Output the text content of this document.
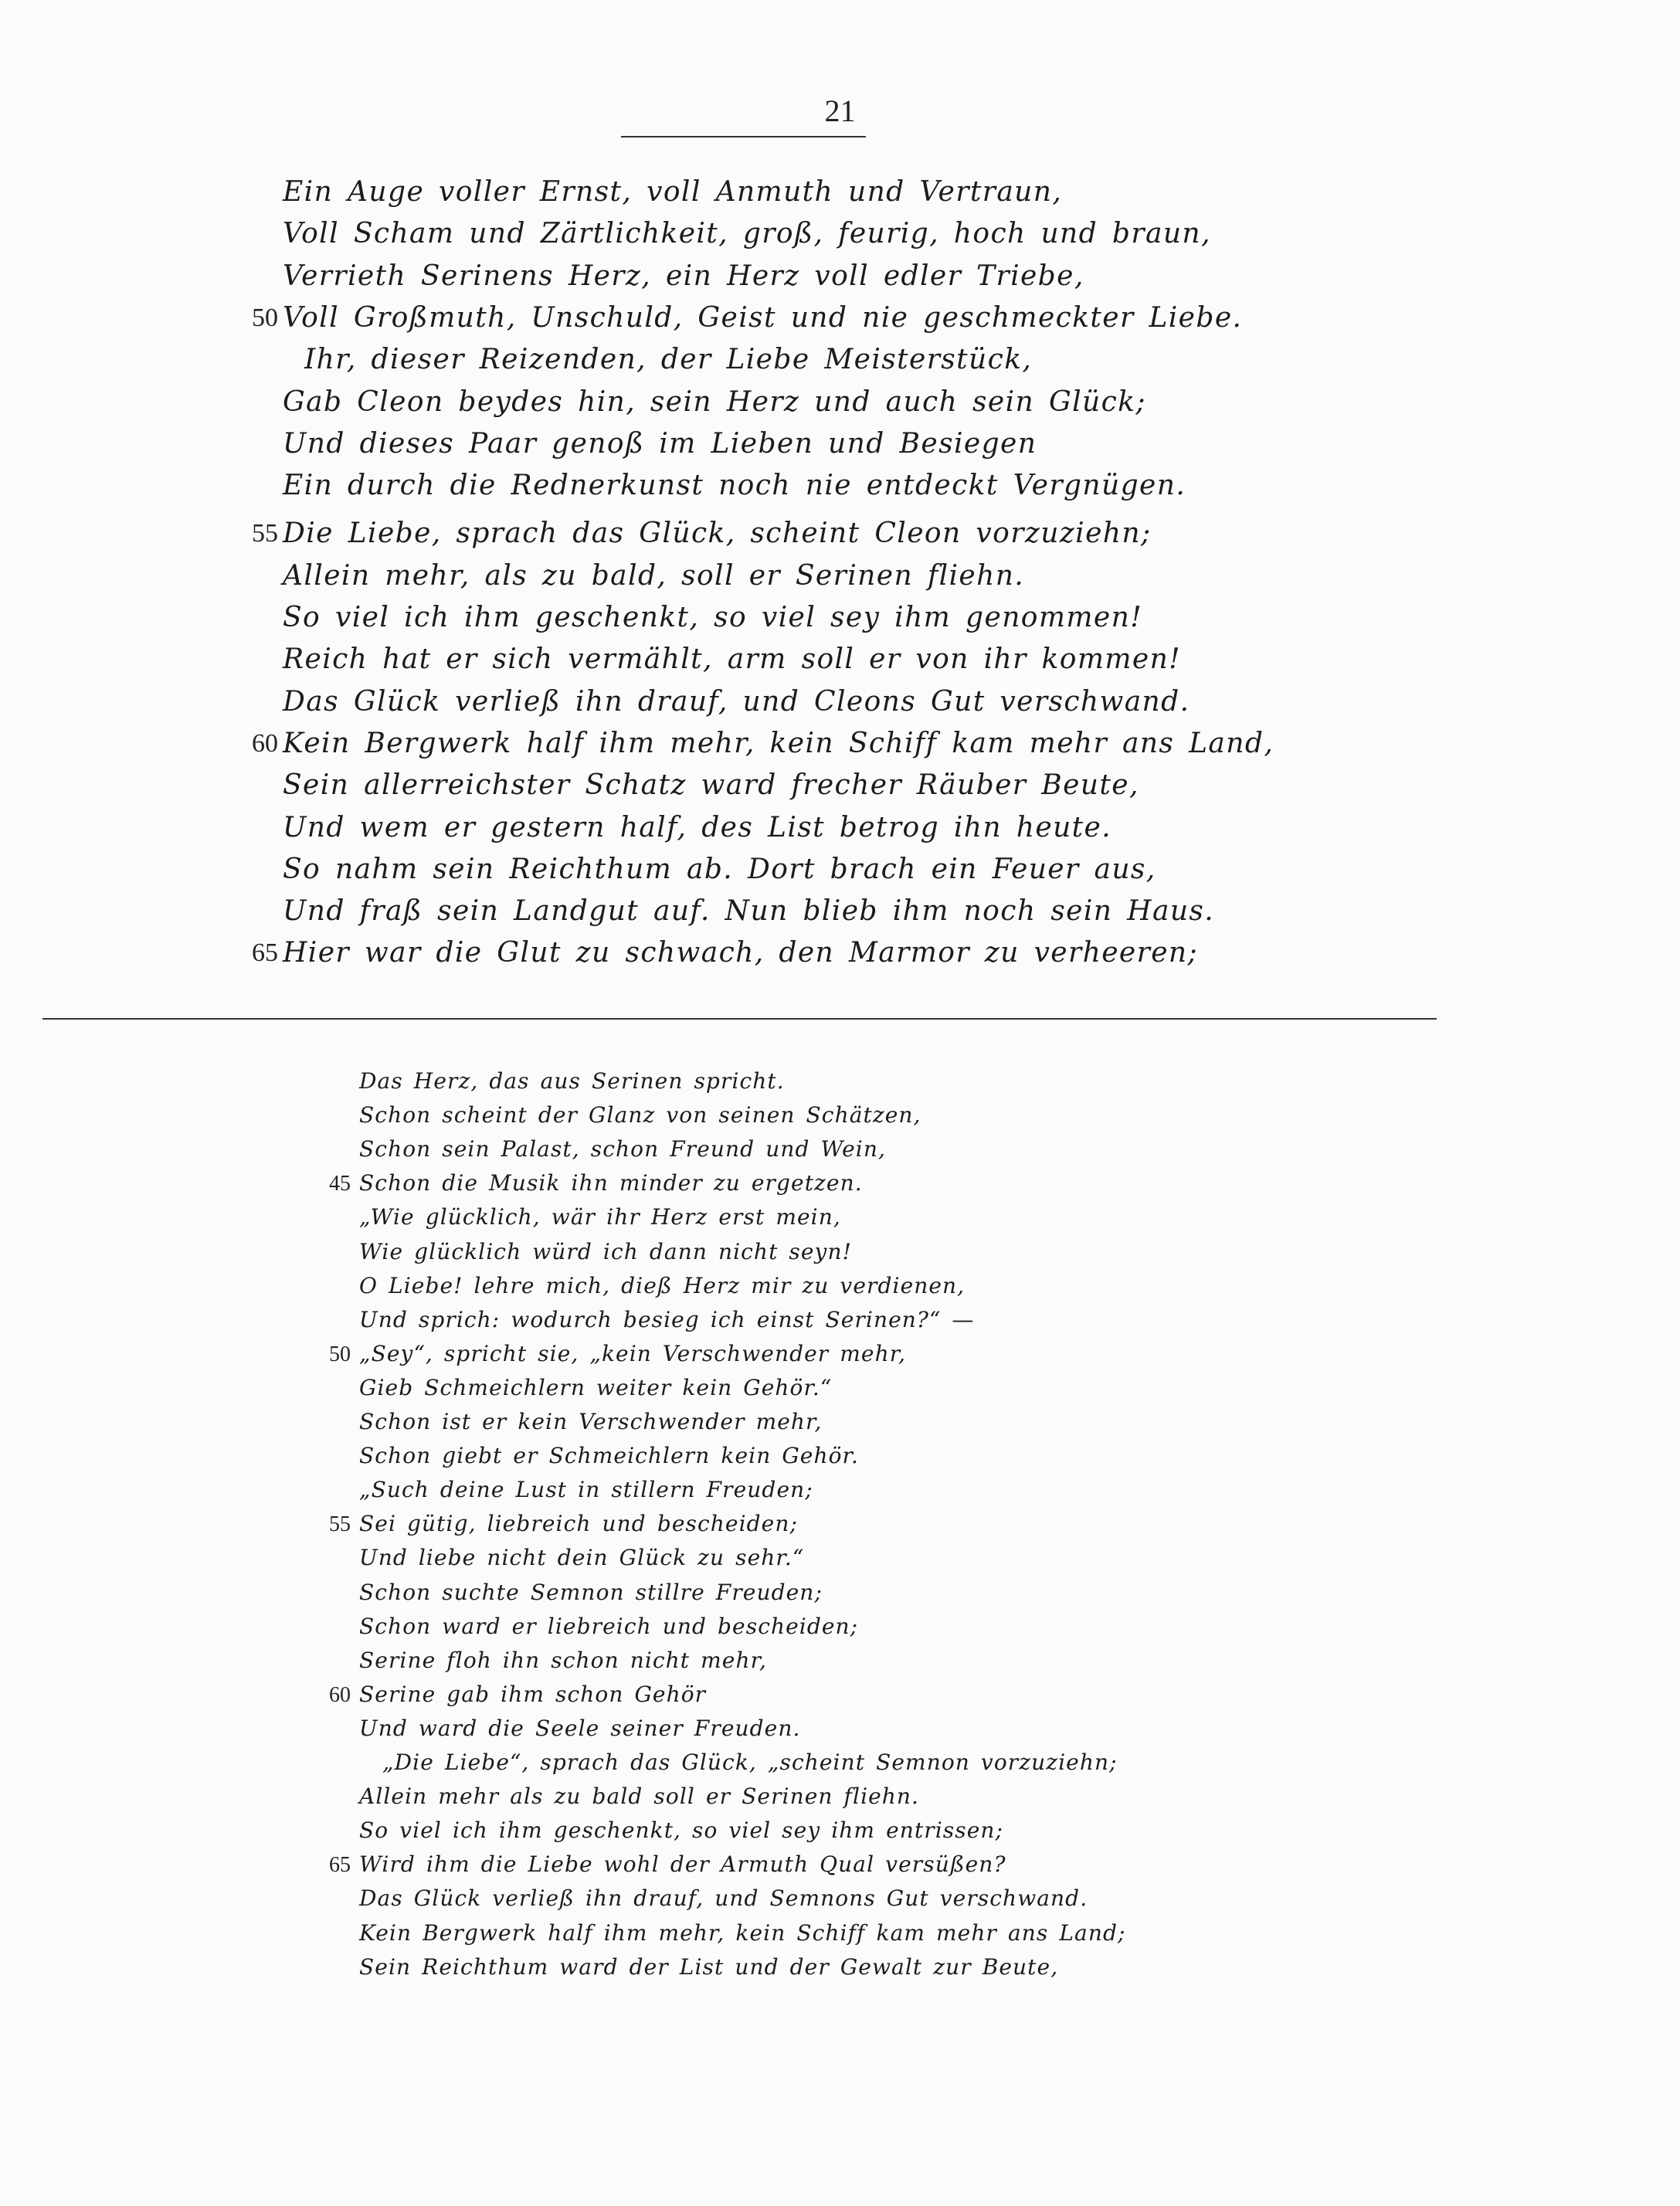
21
Ein Auge voller Ernst, voll Anmuth und Vertraun,
Voll Scham und Zärtlichkeit, groß, feurig, hoch und braun,
Verrieth Serinens Herz, ein Herz voll edler Triebe,
50 Voll Großmuth, Unschuld, Geist und nie geschmeckter Liebe.
Ihr, dieser Reizenden, der Liebe Meisterstück,
Gab Cleon beydes hin, sein Herz und auch sein Glück;
Und dieses Paar genoß im Lieben und Besiegen
Ein durch die Rednerkunst noch nie entdeckt Vergnügen.
55 Die Liebe, sprach das Glück, scheint Cleon vorzuziehn;
Allein mehr, als zu bald, soll er Serinen fliehn.
So viel ich ihm geschenkt, so viel sey ihm genommen!
Reich hat er sich vermählt, arm soll er von ihr kommen!
Das Glück verließ ihn drauf, und Cleons Gut verschwand.
60 Kein Bergwerk half ihm mehr, kein Schiff kam mehr ans Land,
Sein allerreichster Schatz ward frecher Räuber Beute,
Und wem er gestern half, des List betrog ihn heute.
So nahm sein Reichthum ab. Dort brach ein Feuer aus,
Und fraß sein Landgut auf. Nun blieb ihm noch sein Haus.
65 Hier war die Glut zu schwach, den Marmor zu verheeren;
Das Herz, das aus Serinen spricht.
Schon scheint der Glanz von seinen Schätzen,
Schon sein Palast, schon Freund und Wein,
45 Schon die Musik ihn minder zu ergetzen.
„Wie glücklich, wär ihr Herz erst mein,
Wie glücklich würd ich dann nicht seyn!
O Liebe! lehre mich, dieß Herz mir zu verdienen,
Und sprich: wodurch besieg ich einst Serinen?“ —
50 „Sey“, spricht sie, „kein Verschwender mehr,
Gieb Schmeichlern weiter kein Gehör.“
Schon ist er kein Verschwender mehr,
Schon giebt er Schmeichlern kein Gehör.
„Such deine Lust in stillern Freuden;
55 Sei gütig, liebreich und bescheiden;
Und liebe nicht dein Glück zu sehr.“
Schon suchte Semnon stillre Freuden;
Schon ward er liebreich und bescheiden;
Serine floh ihn schon nicht mehr,
60 Serine gab ihm schon Gehör
Und ward die Seele seiner Freuden.
„Die Liebe“, sprach das Glück, „scheint Semnon vorzuziehn;
Allein mehr als zu bald soll er Serinen fliehn.
So viel ich ihm geschenkt, so viel sey ihm entrissen;
65 Wird ihm die Liebe wohl der Armuth Qual versüßen?
Das Glück verließ ihn drauf, und Semnons Gut verschwand.
Kein Bergwerk half ihm mehr, kein Schiff kam mehr ans Land;
Sein Reichthum ward der List und der Gewalt zur Beute,
